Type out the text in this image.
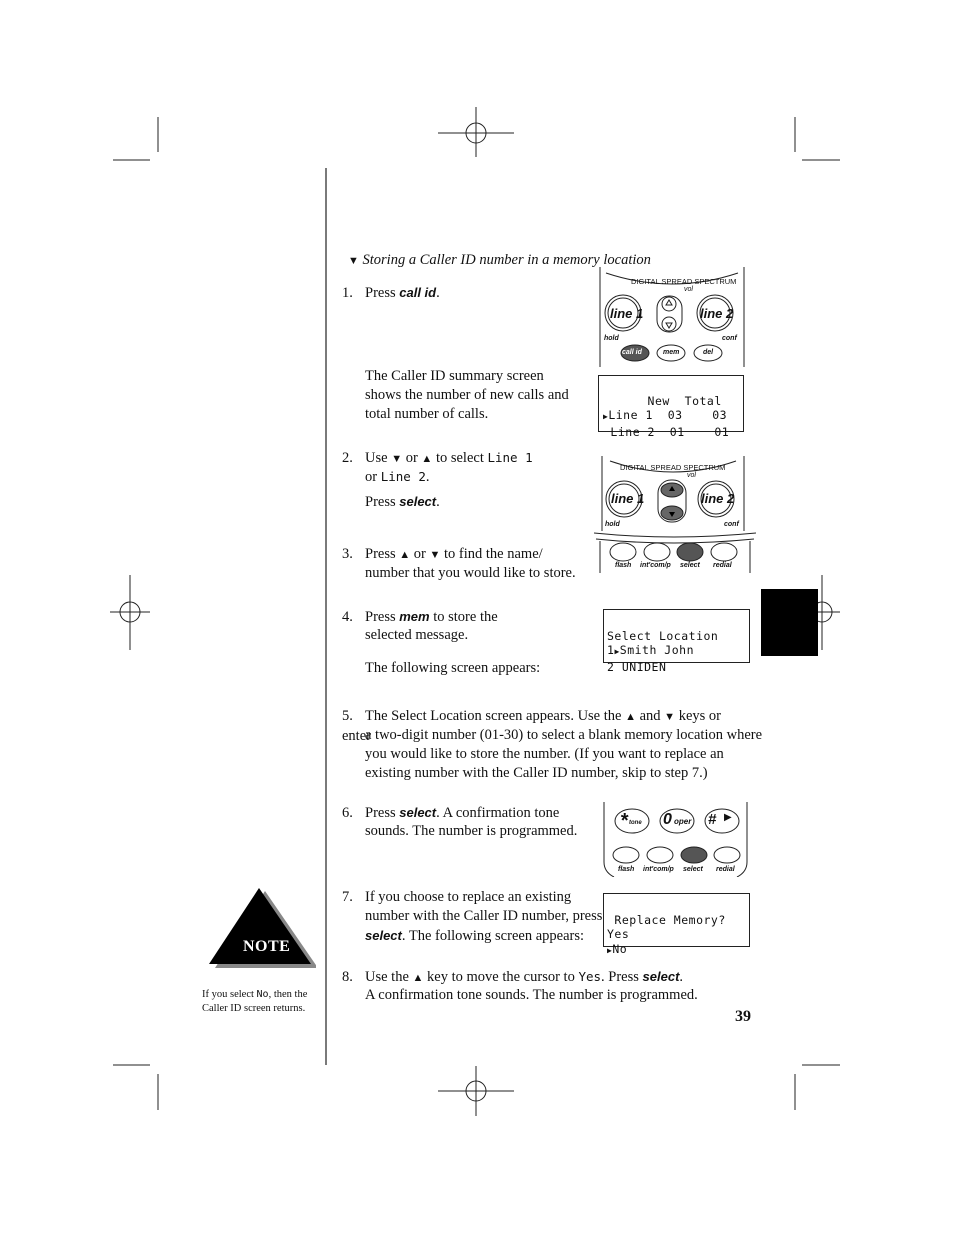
▼ Storing a Caller ID number in a memory location
1. Press call id.
The Caller ID summary screen shows the number of new calls and total number of calls.
2. Use ▼ or ▲ to select Line 1
or Line 2.
Press select.
3. Press ▲ or ▼ to find the name/
number that you would like to store.
4. Press mem to store the
selected message.
The following screen appears:
5. The Select Location screen appears. Use the ▲ and ▼ keys or enter
a two-digit number (01-30) to select a blank memory location where
you would like to store the number. (If you want to replace an
existing number with the Caller ID number, skip to step 7.)
6. Press select. A confirmation tone
sounds. The number is programmed.
7. If you choose to replace an existing
number with the Caller ID number, press
select. The following screen appears:
8. Use the ▲ key to move the cursor to Yes. Press select.
A confirmation tone sounds. The number is programmed.

New  Total
▶Line 1  03    03
Line 2  01    01

Select Location
1▶Smith John
2 UNIDEN

Replace Memory?
Yes
▶No

DIGITAL SPREAD SPECTRUM
vol
line 1	line 2
hold	conf
call id	mem	del
DIGITAL SPREAD SPECTRUM
vol
line 1	line 2
hold	conf
flash int'com/p select redial
* tone 0 oper # ▶
flash int'com/p select redial
NOTE
If you select No, then the
Caller ID screen returns.	39
